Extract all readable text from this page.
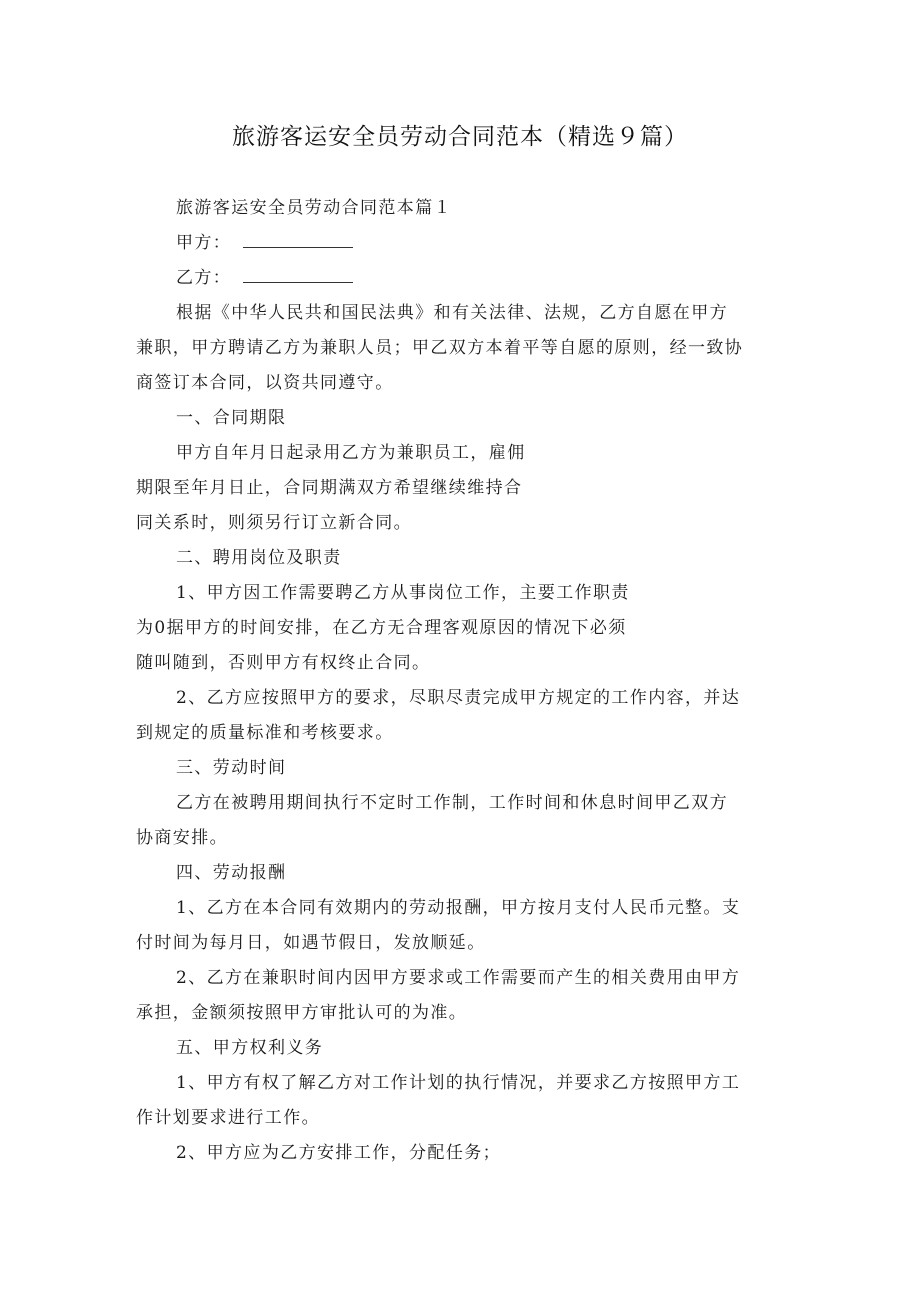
旅游客运安全员劳动合同范本（精选９篇）

旅游客运安全员劳动合同范本篇１

甲方：
乙方：

根据《中华人民共和国民法典》和有关法律、法规，乙方自愿在甲方

兼职，甲方聘请乙方为兼职人员；甲乙双方本着平等自愿的原则，经一致协

商签订本合同，以资共同遵守。

一、合同期限

甲方自年月日起录用乙方为兼职员工，雇佣

期限至年月日止，合同期满双方希望继续维持合

同关系时，则须另行订立新合同。

二、聘用岗位及职责

1、甲方因工作需要聘乙方从事岗位工作，主要工作职责

为0据甲方的时间安排，在乙方无合理客观原因的情况下必须

随叫随到，否则甲方有权终止合同。

2、乙方应按照甲方的要求，尽职尽责完成甲方规定的工作内容，并达

到规定的质量标准和考核要求。

三、劳动时间

乙方在被聘用期间执行不定时工作制，工作时间和休息时间甲乙双方

协商安排。

四、劳动报酬

1、乙方在本合同有效期内的劳动报酬，甲方按月支付人民币元整。支

付时间为每月日，如遇节假日，发放顺延。

2、乙方在兼职时间内因甲方要求或工作需要而产生的相关费用由甲方

承担，金额须按照甲方审批认可的为准。

五、甲方权利义务

1、甲方有权了解乙方对工作计划的执行情况，并要求乙方按照甲方工

作计划要求进行工作。

2、甲方应为乙方安排工作，分配任务；
